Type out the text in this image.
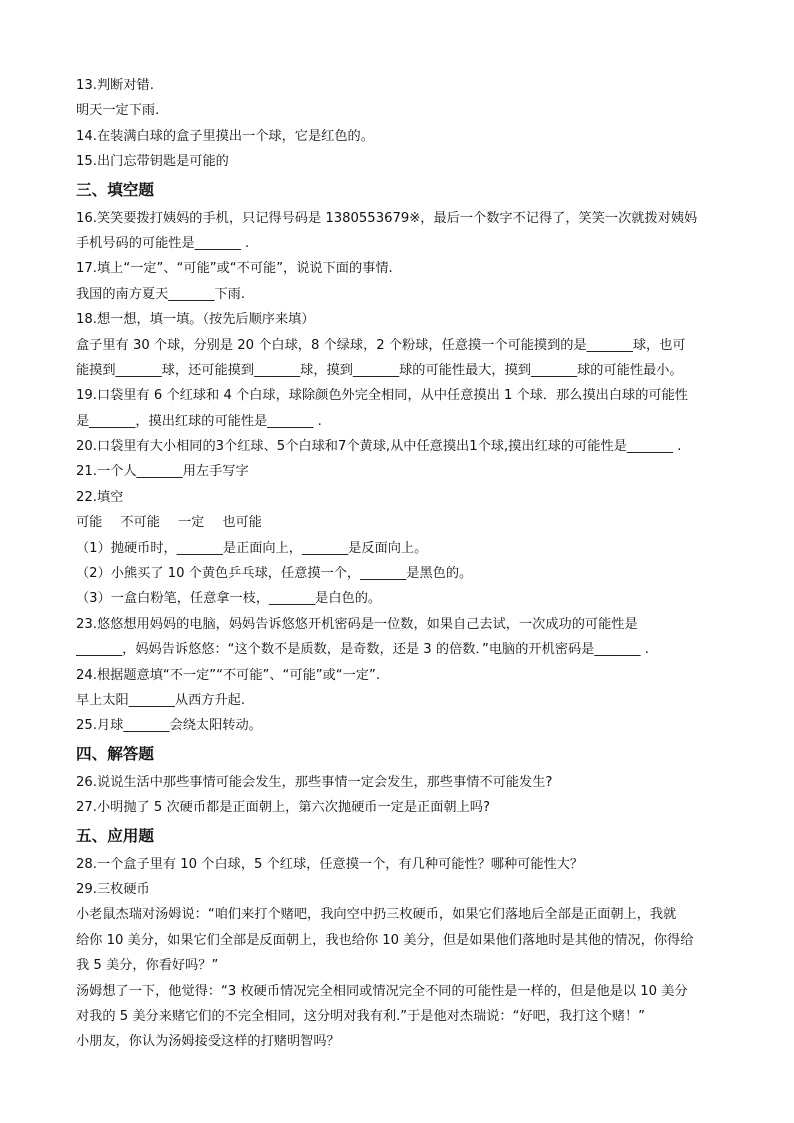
13.判断对错.
明天一定下雨.
14.在装满白球的盒子里摸出一个球，它是红色的。
15.出门忘带钥匙是可能的
三、填空题
16.笑笑要拨打姨妈的手机，只记得号码是 1380553679※，最后一个数字不记得了，笑笑一次就拨对姨妈
手机号码的可能性是_______ .
17.填上“一定”、“可能”或“不可能”，说说下面的事情.
我国的南方夏天_______下雨.
18.想一想，填一填。（按先后顺序来填）
盒子里有 30 个球，分别是 20 个白球，8 个绿球，2 个粉球，任意摸一个可能摸到的是_______球，也可
能摸到_______球，还可能摸到_______球，摸到_______球的可能性最大，摸到_______球的可能性最小。
19.口袋里有 6 个红球和 4 个白球，球除颜色外完全相同，从中任意摸出 1 个球．那么摸出白球的可能性
是_______，摸出红球的可能性是_______ .
20.口袋里有大小相同的3个红球、5个白球和7个黄球,从中任意摸出1个球,摸出红球的可能性是_______ .
21.一个人_______用左手写字
22.填空
可能 不可能 一定 也可能
（1）抛硬币时，_______是正面向上，_______是反面向上。
（2）小熊买了 10 个黄色乒乓球，任意摸一个，_______是黑色的。
（3）一盒白粉笔，任意拿一枝，_______是白色的。
23.悠悠想用妈妈的电脑，妈妈告诉悠悠开机密码是一位数，如果自己去试，一次成功的可能性是
_______，妈妈告诉悠悠：“这个数不是质数，是奇数，还是 3 的倍数．”电脑的开机密码是_______ .
24.根据题意填“不一定”“不可能”、“可能”或“一定”.
早上太阳_______从西方升起.
25.月球_______会绕太阳转动。
四、解答题
26.说说生活中那些事情可能会发生，那些事情一定会发生，那些事情不可能发生?
27.小明抛了 5 次硬币都是正面朝上，第六次抛硬币一定是正面朝上吗?
五、应用题
28.一个盒子里有 10 个白球，5 个红球，任意摸一个，有几种可能性？哪种可能性大？
29.三枚硬币
小老鼠杰瑞对汤姆说：“咱们来打个赌吧，我向空中扔三枚硬币，如果它们落地后全部是正面朝上，我就
给你 10 美分，如果它们全部是反面朝上，我也给你 10 美分，但是如果他们落地时是其他的情况，你得给
我 5 美分，你看好吗？”
汤姆想了一下，他觉得：“3 枚硬币情况完全相同或情况完全不同的可能性是一样的，但是他是以 10 美分
对我的 5 美分来赌它们的不完全相同，这分明对我有利.”于是他对杰瑞说：“好吧，我打这个赌！”
小朋友，你认为汤姆接受这样的打赌明智吗？
